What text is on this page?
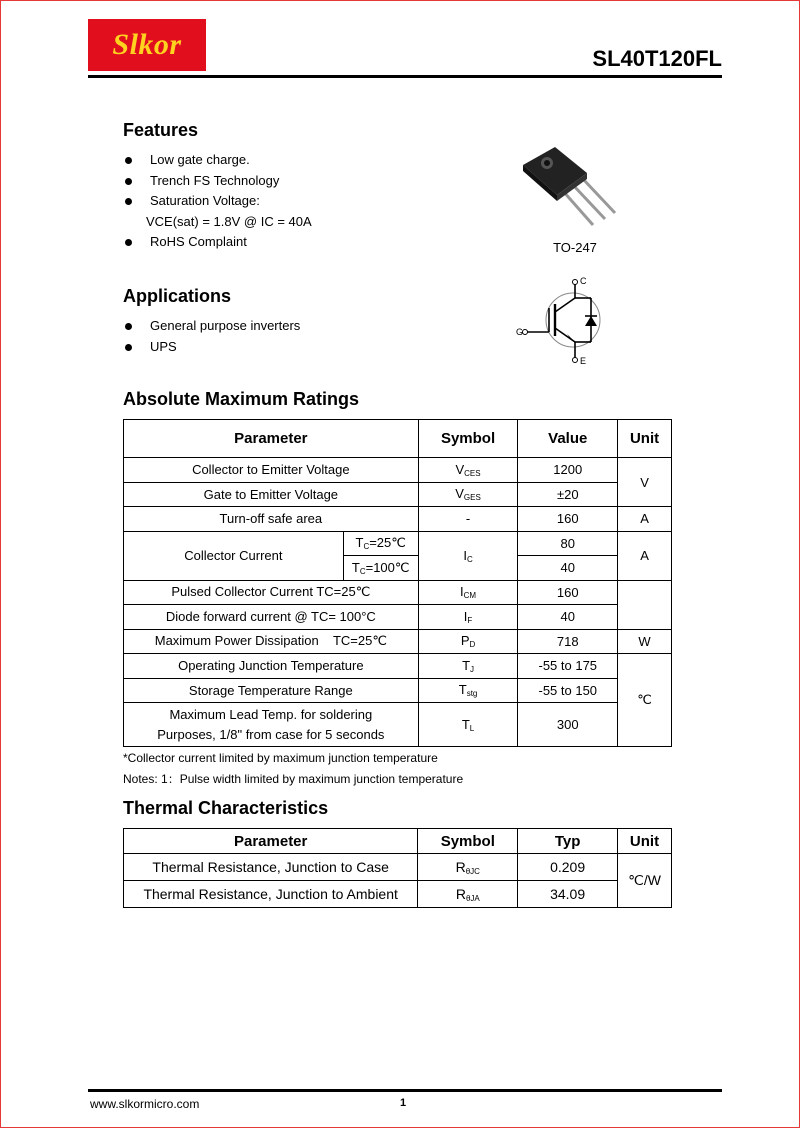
Slkor	SL40T120FL
Features
Low gate charge.
Trench FS Technology
Saturation Voltage:
VCE(sat) = 1.8V @ IC = 40A
RoHS Complaint	TO-247
C
G
E
Applications
General purpose inverters
UPS
Absolute Maximum Ratings
Parameter		Symbol	Value	Unit
Collector to Emitter Voltage		$V_{CES}$	1200	V
Gate to Emitter Voltage		$V_{GES}$	±20	
Turn-off safe area		-	160	A
Collector Current	$T_C=25℃$	$I_C$	80	A
	$T_C=100℃$		40	
Pulsed Collector Current TC=25℃		$I_{CM}$	160	
Diode forward current @ TC= 100°C		$I_F$	40	
Maximum Power Dissipation    TC=25℃		$P_D$	718	W
Operating Junction Temperature		$T_J$	-55 to 175	℃
Storage Temperature Range		$T_{stg}$	-55 to 150	
Maximum Lead Temp. for soldering
Purposes, 1/8" from case for 5 seconds		$T_L$	300	
*Collector current limited by maximum junction temperature
Notes: 1：Pulse width limited by maximum junction temperature
Thermal Characteristics
Parameter	Symbol	Typ	Unit
Thermal Resistance, Junction to Case	$R_{\theta JC}$	0.209	℃/W
Thermal Resistance, Junction to Ambient	$R_{\theta JA}$	34.09	
www.slkormicro.com	1
